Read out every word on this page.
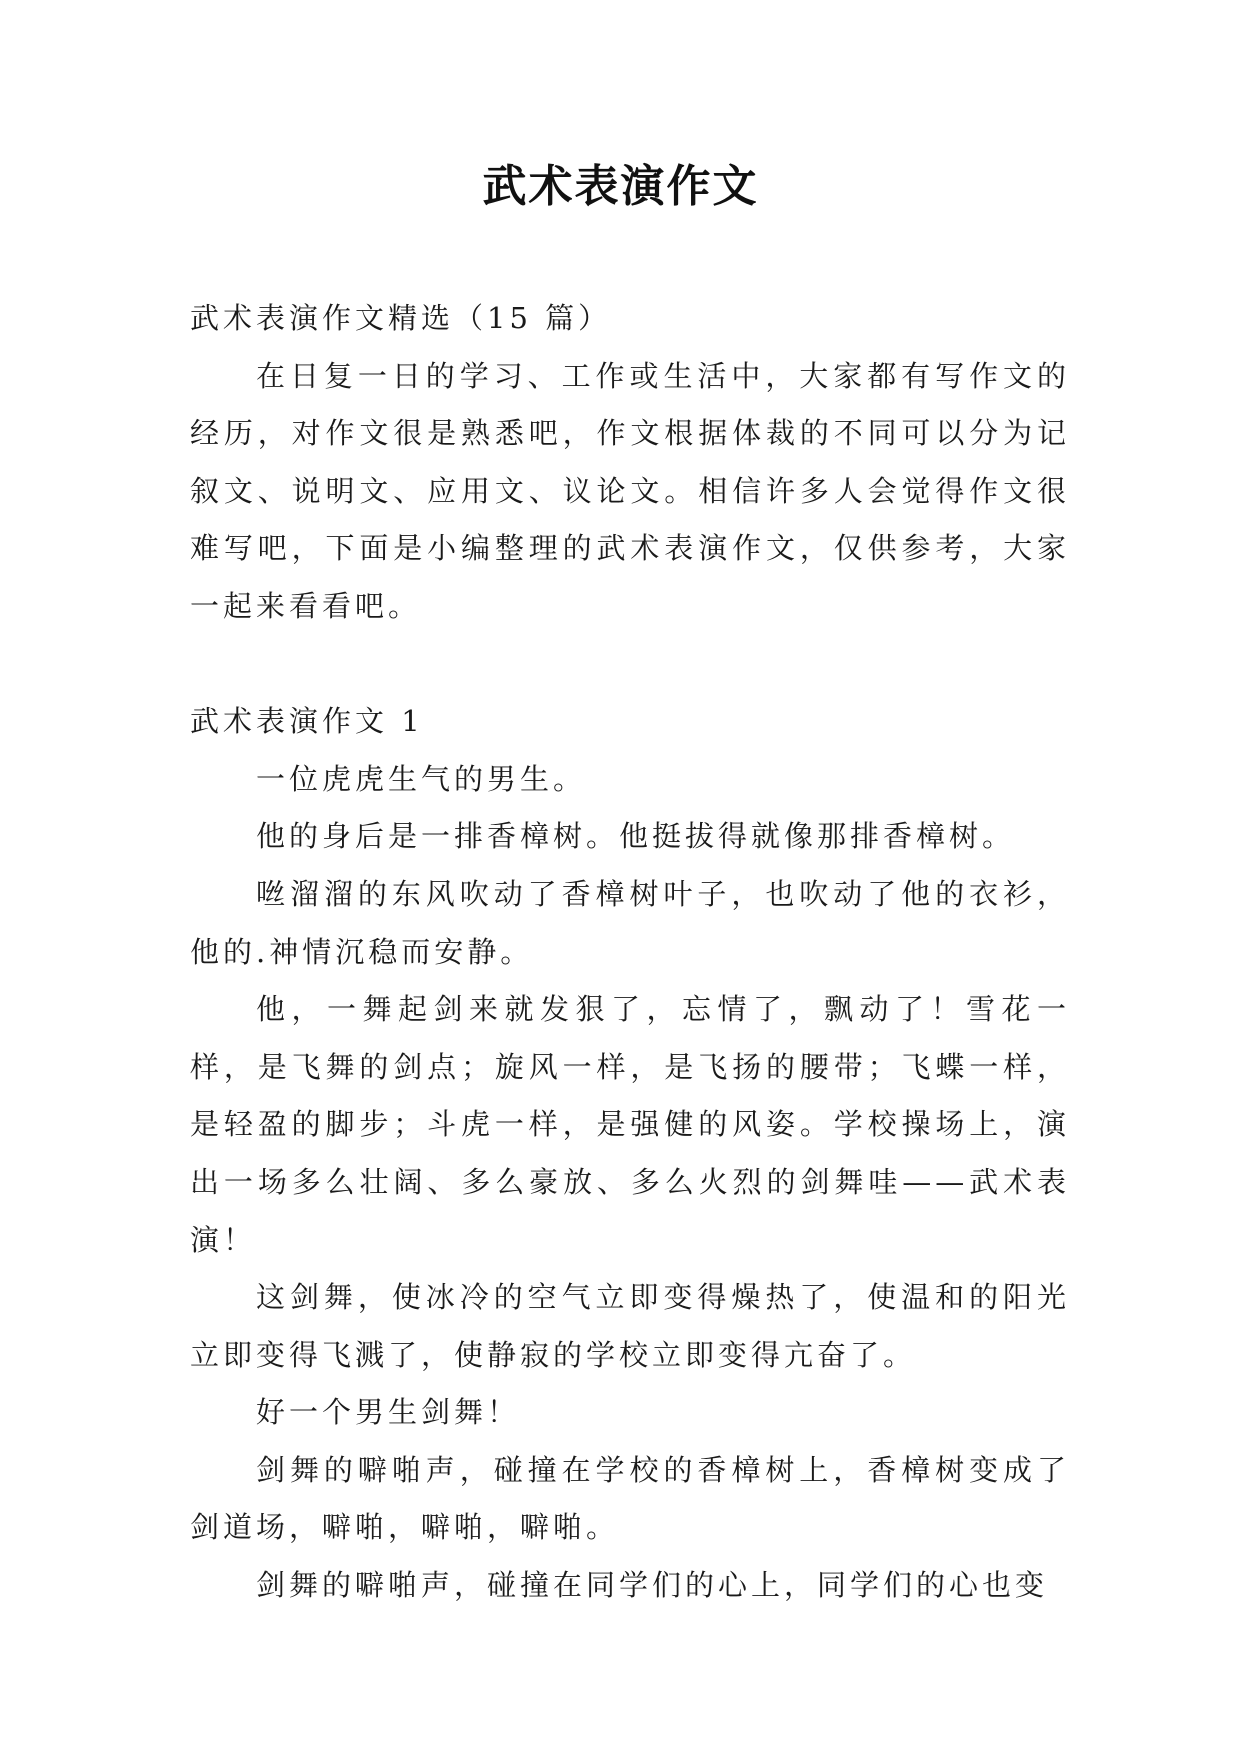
武术表演作文

武术表演作文精选（15 篇）

在日复一日的学习、工作或生活中，大家都有写作文的经历，对作文很是熟悉吧，作文根据体裁的不同可以分为记叙文、说明文、应用文、议论文。相信许多人会觉得作文很难写吧，下面是小编整理的武术表演作文，仅供参考，大家一起来看看吧。

武术表演作文 1

一位虎虎生气的男生。

他的身后是一排香樟树。他挺拔得就像那排香樟树。

咝溜溜的东风吹动了香樟树叶子，也吹动了他的衣衫，他的.神情沉稳而安静。

他，一舞起剑来就发狠了，忘情了，飘动了！雪花一样，是飞舞的剑点；旋风一样，是飞扬的腰带；飞蝶一样，是轻盈的脚步；斗虎一样，是强健的风姿。学校操场上，演出一场多么壮阔、多么豪放、多么火烈的剑舞哇——武术表演！

这剑舞，使冰冷的空气立即变得燥热了，使温和的阳光立即变得飞溅了，使静寂的学校立即变得亢奋了。

好一个男生剑舞！

剑舞的噼啪声，碰撞在学校的香樟树上，香樟树变成了剑道场，噼啪，噼啪，噼啪。

剑舞的噼啪声，碰撞在同学们的心上，同学们的心也变
